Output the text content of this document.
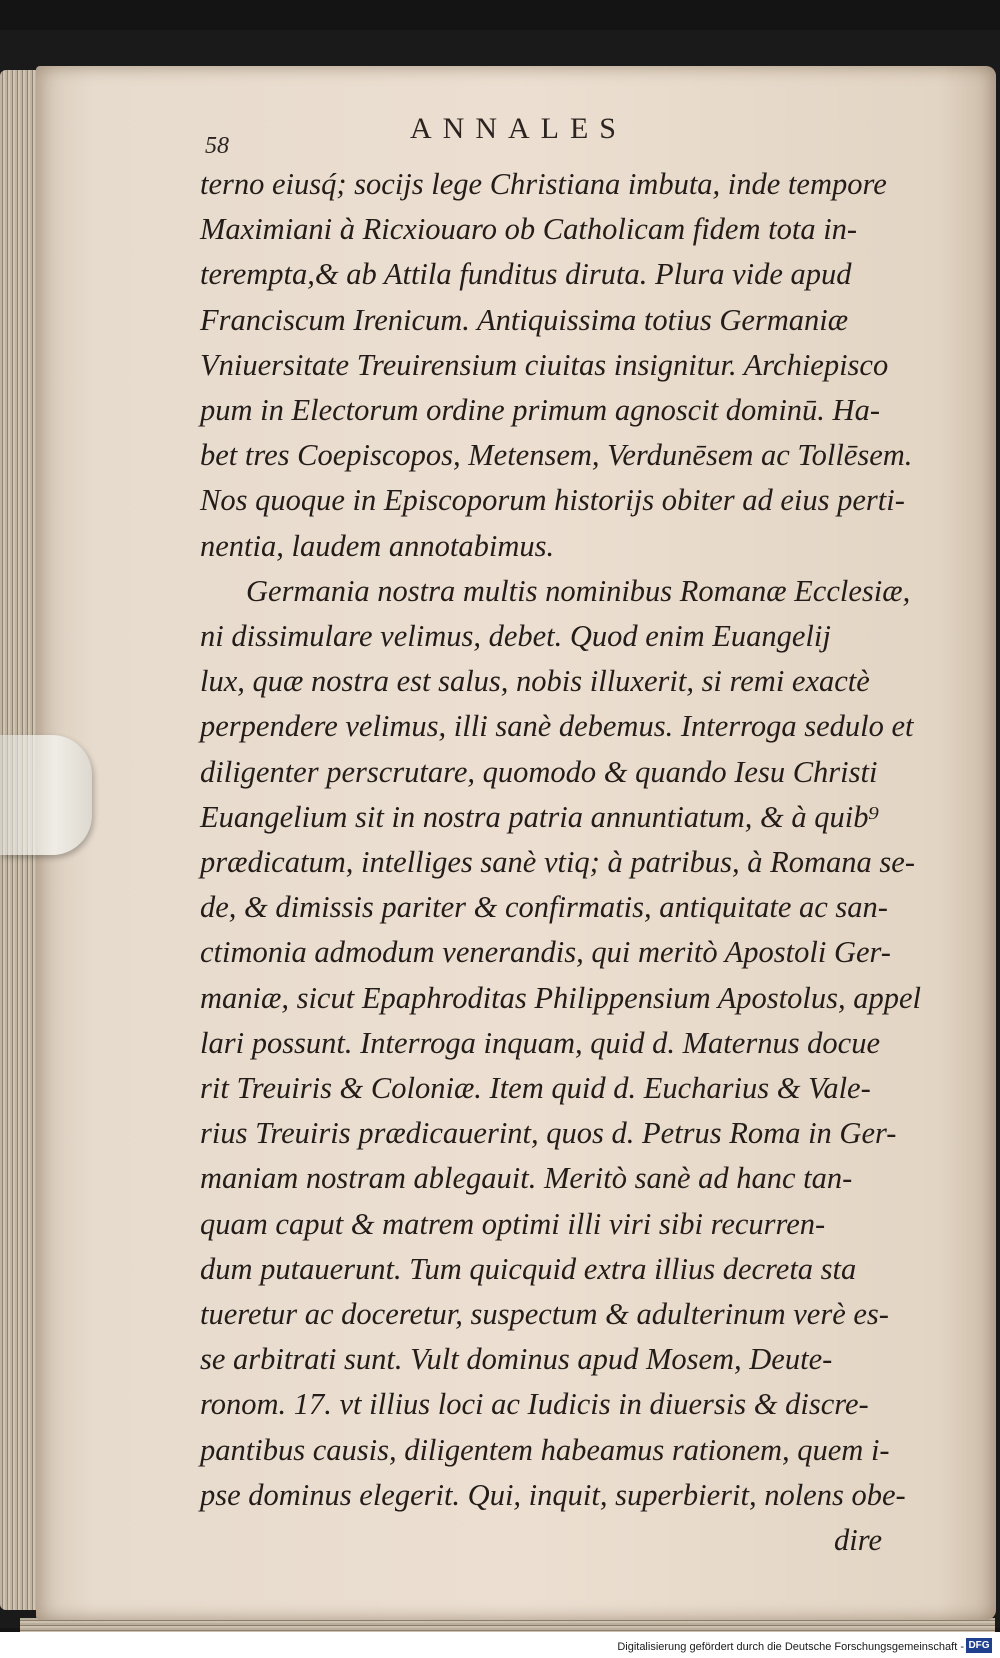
58
ANNALES
terno eiusq́; socijs lege Christiana imbuta, inde tempore
Maximiani à Ricxiouaro ob Catholicam fidem tota in-
terempta,& ab Attila funditus diruta. Plura vide apud
Franciscum Irenicum. Antiquissima totius Germaniæ
Vniuersitate Treuirensium ciuitas insignitur. Archiepisco
pum in Electorum ordine primum agnoscit dominū. Ha-
bet tres Coepiscopos, Metensem, Verdunēsem ac Tollēsem.
Nos quoque in Episcoporum historijs obiter ad eius perti-
nentia, laudem annotabimus.
Germania nostra multis nominibus Romanæ Ecclesiæ,
ni dissimulare velimus, debet. Quod enim Euangelij
lux, quæ nostra est salus, nobis illuxerit, si remi exactè
perpendere velimus, illi sanè debemus. Interroga sedulo et
diligenter perscrutare, quomodo & quando Iesu Christi
Euangelium sit in nostra patria annuntiatum, & à quib⁹
prædicatum, intelliges sanè vtiq; à patribus, à Romana se-
de, & dimissis pariter & confirmatis, antiquitate ac san-
ctimonia admodum venerandis, qui meritò Apostoli Ger-
maniæ, sicut Epaphroditas Philippensium Apostolus, appel
lari possunt. Interroga inquam, quid d. Maternus docue
rit Treuiris & Coloniæ. Item quid d. Eucharius & Vale-
rius Treuiris prædicauerint, quos d. Petrus Roma in Ger-
maniam nostram ablegauit. Meritò sanè ad hanc tan-
quam caput & matrem optimi illi viri sibi recurren-
dum putauerunt. Tum quicquid extra illius decreta sta
tueretur ac doceretur, suspectum & adulterinum verè es-
se arbitrati sunt. Vult dominus apud Mosem, Deute-
ronom. 17. vt illius loci ac Iudicis in diuersis & discre-
pantibus causis, diligentem habeamus rationem, quem i-
pse dominus elegerit. Qui, inquit, superbierit, nolens obe-
dire
Digitalisierung gefördert durch die Deutsche Forschungsgemeinschaft - DFG
